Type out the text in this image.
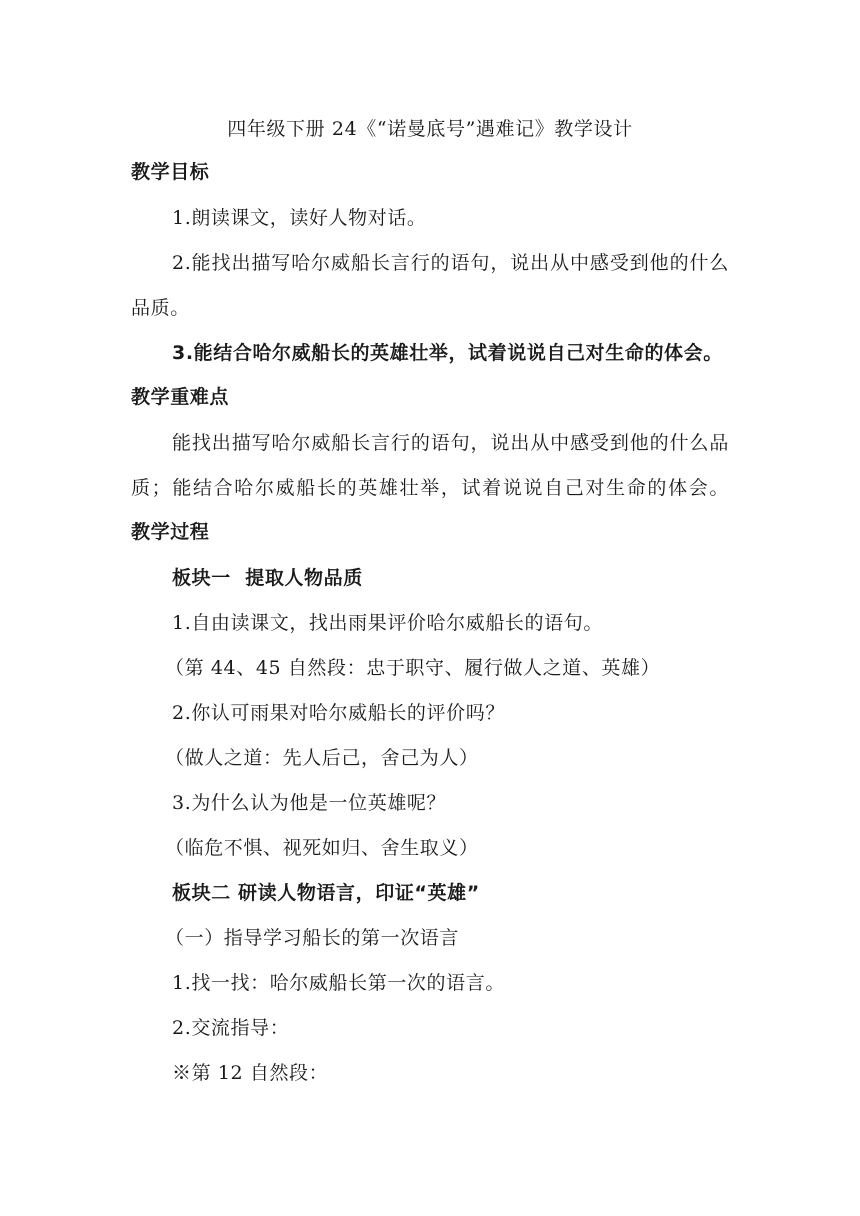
四年级下册 24《“诺曼底号”遇难记》教学设计
教学目标
1.朗读课文，读好人物对话。
2.能找出描写哈尔威船长言行的语句，说出从中感受到他的什么
品质。
3.能结合哈尔威船长的英雄壮举，试着说说自己对生命的体会。
教学重难点
能找出描写哈尔威船长言行的语句，说出从中感受到他的什么品
质；能结合哈尔威船长的英雄壮举，试着说说自己对生命的体会。
教学过程
板块一  提取人物品质
1.自由读课文，找出雨果评价哈尔威船长的语句。
（第 44、45 自然段：忠于职守、履行做人之道、英雄）
2.你认可雨果对哈尔威船长的评价吗？
（做人之道：先人后己，舍己为人）
3.为什么认为他是一位英雄呢？
（临危不惧、视死如归、舍生取义）
板块二 研读人物语言，印证“英雄”
（一）指导学习船长的第一次语言
1.找一找：哈尔威船长第一次的语言。
2.交流指导：
※第 12 自然段：
